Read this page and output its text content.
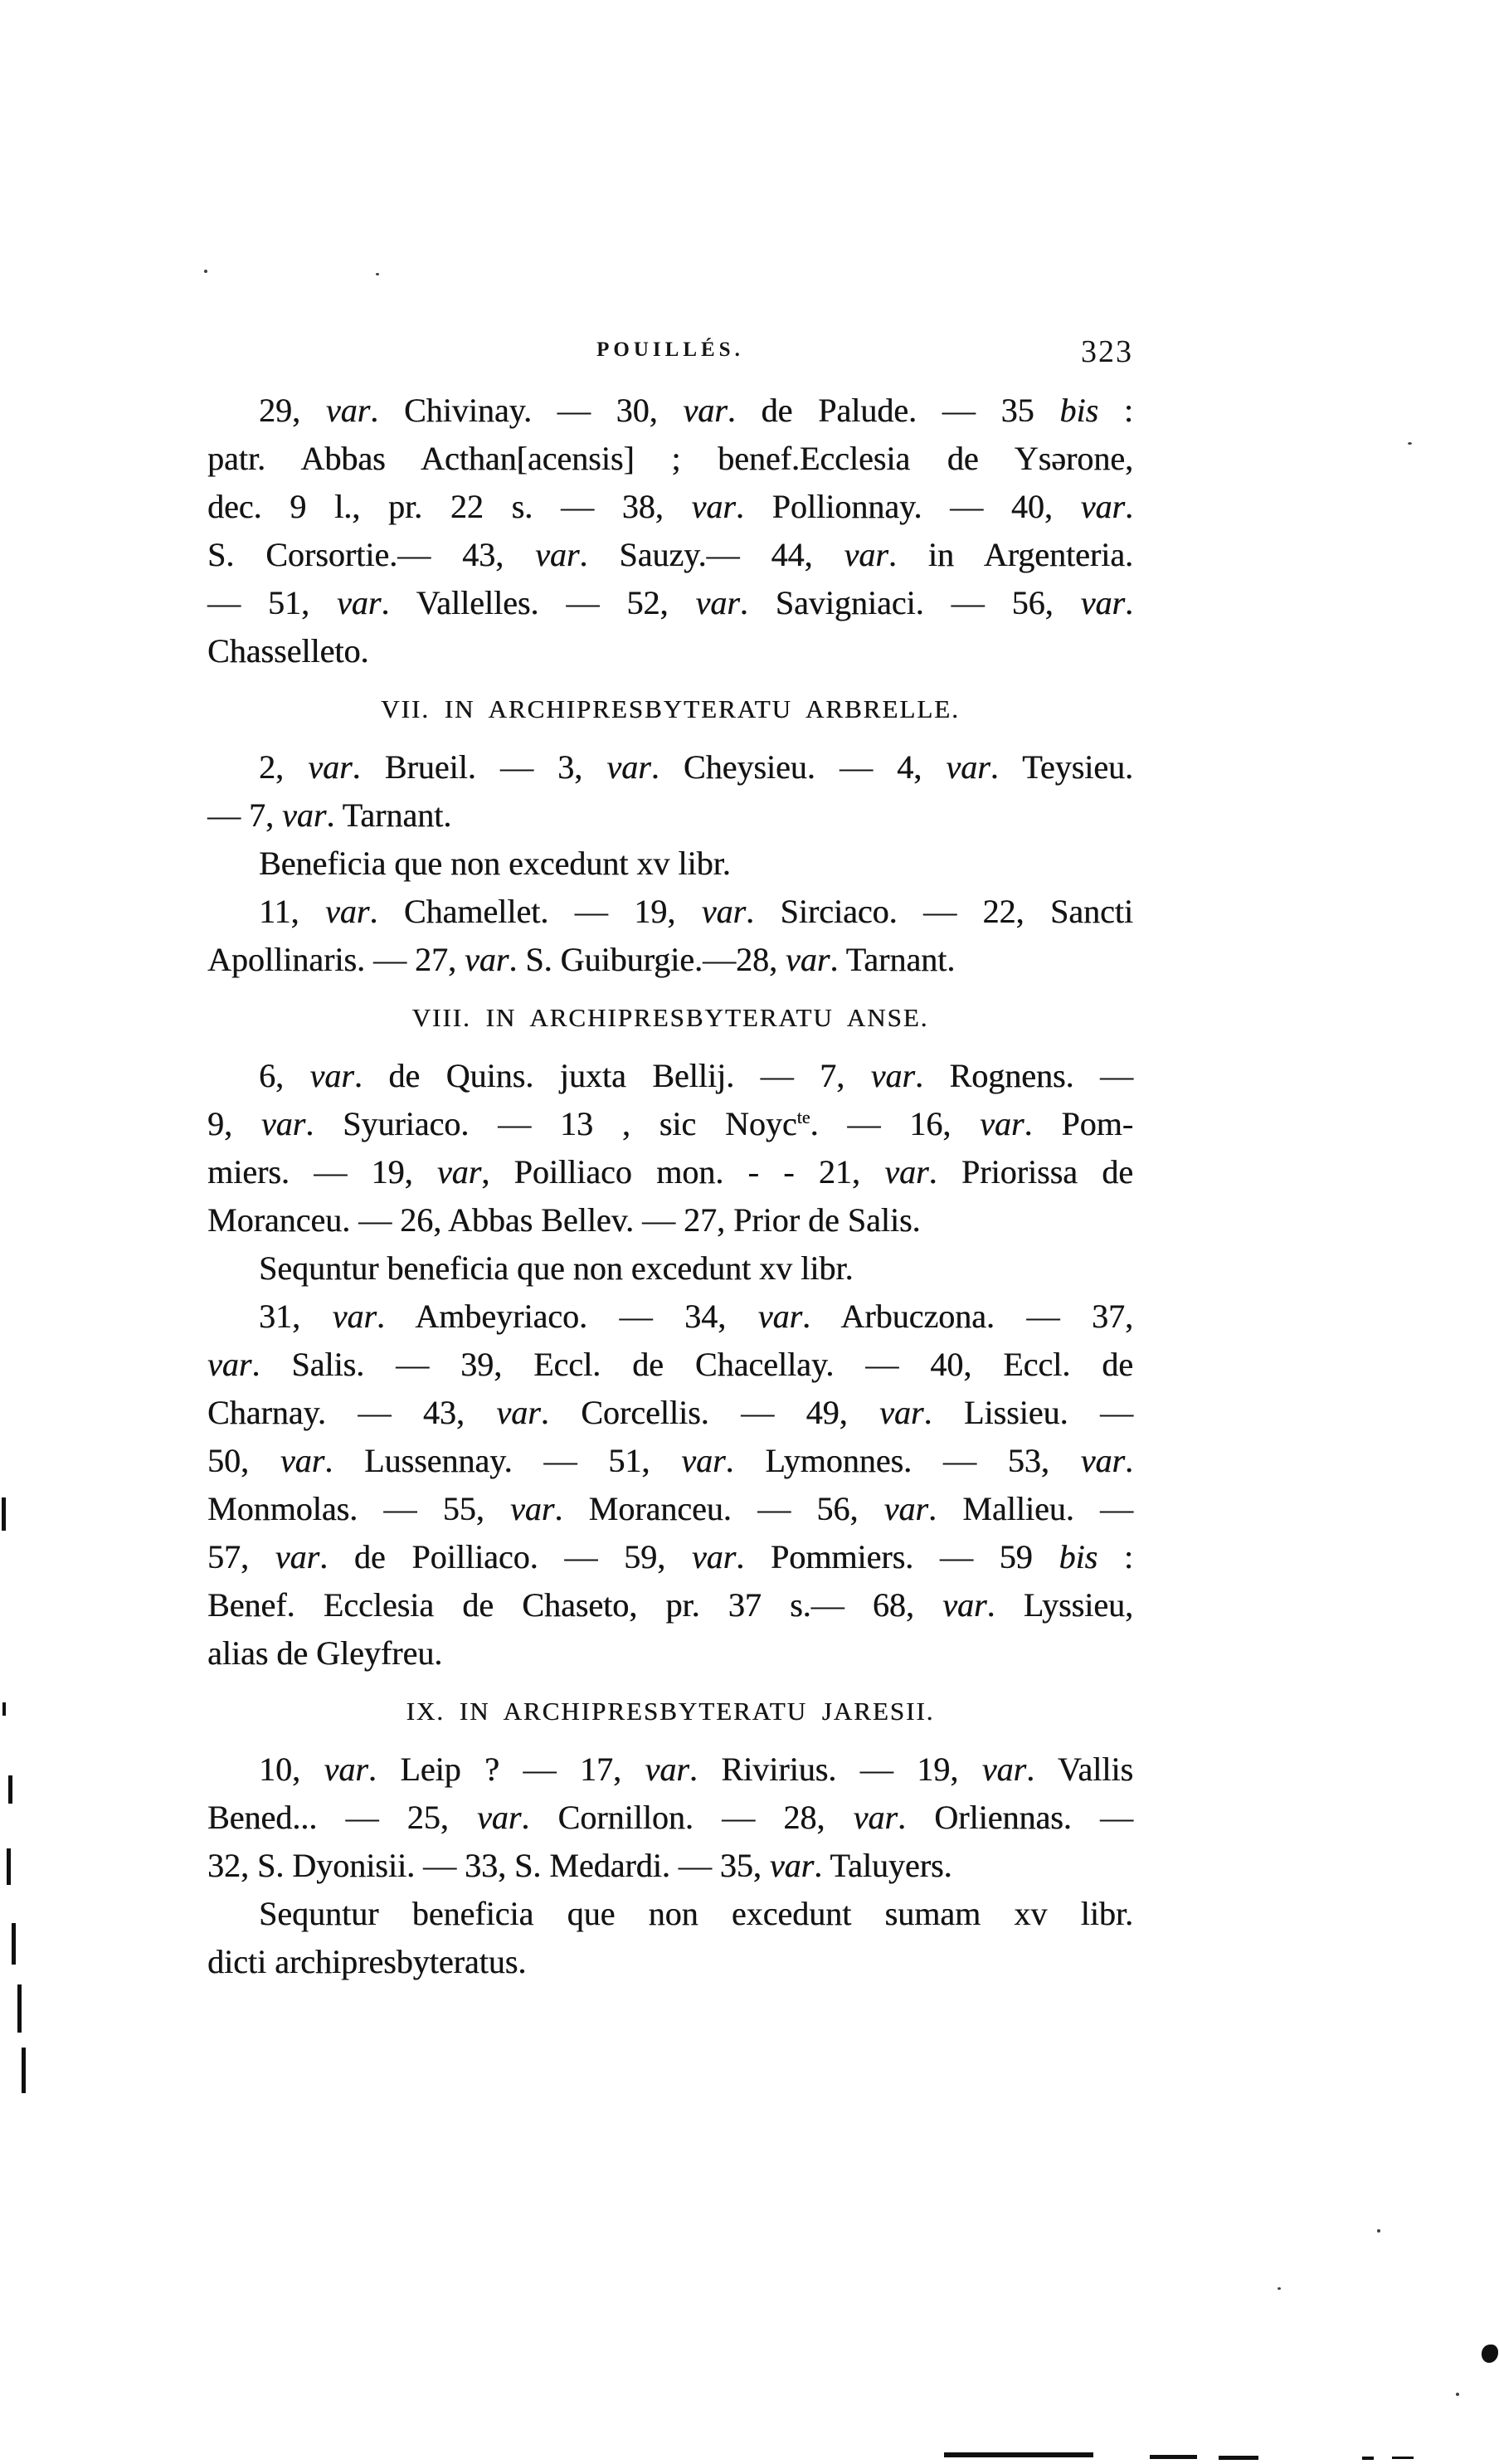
POUILLÉS.	323
29, var. Chivinay. — 30, var. de Palude. — 35 bis :
patr. Abbas Acthan[acensis] ; benef.Ecclesia de Ysǝrone,
dec. 9 l., pr. 22 s. — 38, var. Pollionnay. — 40, var.
S. Corsortie.— 43, var. Sauzy.— 44, var. in Argenteria.
— 51, var. Vallelles. — 52, var. Savigniaci. — 56, var.
Chasselleto.
VII. IN ARCHIPRESBYTERATU ARBRELLE.
2, var. Brueil. — 3, var. Cheysieu. — 4, var. Teysieu.
— 7, var. Tarnant.
Beneficia que non excedunt xv libr.
11, var. Chamellet. — 19, var. Sirciaco. — 22, Sancti
Apollinaris. — 27, var. S. Guiburgie.—28, var. Tarnant.
VIII. IN ARCHIPRESBYTERATU ANSE.
6, var. de Quins. juxta Bellij. — 7, var. Rognens. —
9, var. Syuriaco. — 13 , sic Noyc$^{te}$. — 16, var. Pom-
miers. — 19, var, Poilliaco mon. - - 21, var. Priorissa de
Moranceu. — 26, Abbas Bellev. — 27, Prior de Salis.
Sequntur beneficia que non excedunt xv libr.
31, var. Ambeyriaco. — 34, var. Arbuczona. — 37,
var. Salis. — 39, Eccl. de Chacellay. — 40, Eccl. de
Charnay. — 43, var. Corcellis. — 49, var. Lissieu. —
50, var. Lussennay. — 51, var. Lymonnes. — 53, var.
Monmolas. — 55, var. Moranceu. — 56, var. Mallieu. —
57, var. de Poilliaco. — 59, var. Pommiers. — 59 bis :
Benef. Ecclesia de Chaseto, pr. 37 s.— 68, var. Lyssieu,
alias de Gleyfreu.
IX. IN ARCHIPRESBYTERATU JARESII.
10, var. Leip ? — 17, var. Rivirius. — 19, var. Vallis
Bened... — 25, var. Cornillon. — 28, var. Orliennas. —
32, S. Dyonisii. — 33, S. Medardi. — 35, var. Taluyers.
Sequntur beneficia que non excedunt sumam xv libr.
dicti archipresbyteratus.
